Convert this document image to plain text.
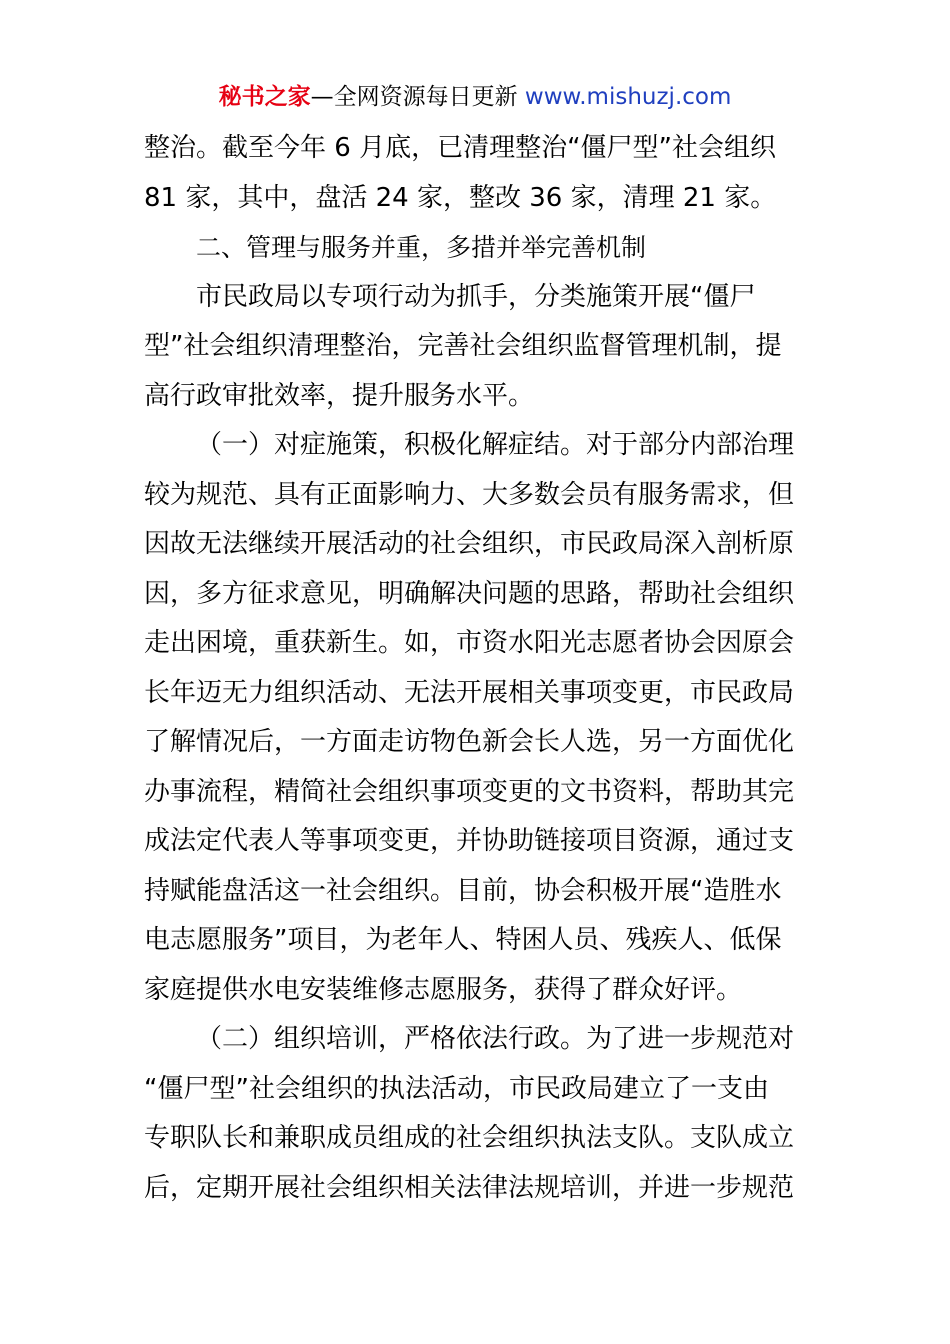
秘书之家—全网资源每日更新 www.mishuzj.com
整治。截至今年 6 月底，已清理整治“僵尸型”社会组织
81 家，其中，盘活 24 家，整改 36 家，清理 21 家。
二、管理与服务并重，多措并举完善机制
市民政局以专项行动为抓手，分类施策开展“僵尸
型”社会组织清理整治，完善社会组织监督管理机制，提
高行政审批效率，提升服务水平。
（一）对症施策，积极化解症结。对于部分内部治理
较为规范、具有正面影响力、大多数会员有服务需求，但
因故无法继续开展活动的社会组织，市民政局深入剖析原
因，多方征求意见，明确解决问题的思路，帮助社会组织
走出困境，重获新生。如，市资水阳光志愿者协会因原会
长年迈无力组织活动、无法开展相关事项变更，市民政局
了解情况后，一方面走访物色新会长人选，另一方面优化
办事流程，精简社会组织事项变更的文书资料，帮助其完
成法定代表人等事项变更，并协助链接项目资源，通过支
持赋能盘活这一社会组织。目前，协会积极开展“造胜水
电志愿服务”项目，为老年人、特困人员、残疾人、低保
家庭提供水电安装维修志愿服务，获得了群众好评。
（二）组织培训，严格依法行政。为了进一步规范对
“僵尸型”社会组织的执法活动，市民政局建立了一支由
专职队长和兼职成员组成的社会组织执法支队。支队成立
后，定期开展社会组织相关法律法规培训，并进一步规范
